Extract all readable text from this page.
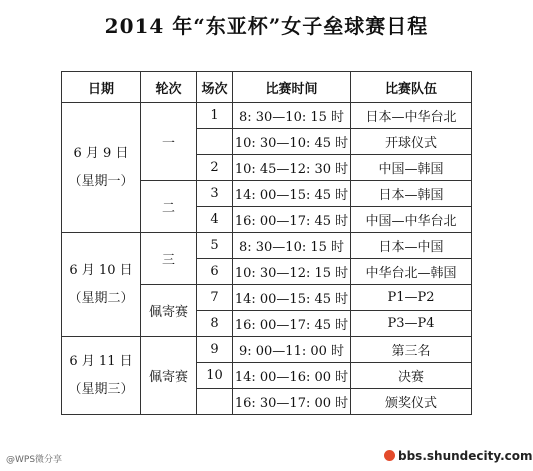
2014 年“东亚杯”女子垒球赛日程
日期	轮次	场次	比赛时间	比赛队伍

6 月 9 日
（星期一）	一	1	8: 30—10: 15 时	日本—中华台北
			10: 30—10: 45 时	开球仪式
		2	10: 45—12: 30 时	中国—韩国
	二	3	14: 00—15: 45 时	日本—韩国
		4	16: 00—17: 45 时	中国—中华台北

6 月 10 日
（星期二）	三	5	8: 30—10: 15 时	日本—中国
		6	10: 30—12: 15 时	中华台北—韩国
	佩寄赛	7	14: 00—15: 45 时	P1—P2
		8	16: 00—17: 45 时	P3—P4

6 月 11 日
（星期三）	佩寄赛	9	9: 00—11: 00 时	第三名
		10	14: 00—16: 00 时	决赛
			16: 30—17: 00 时	颁奖仪式
@WPS微分享	bbs.shundecity.com
